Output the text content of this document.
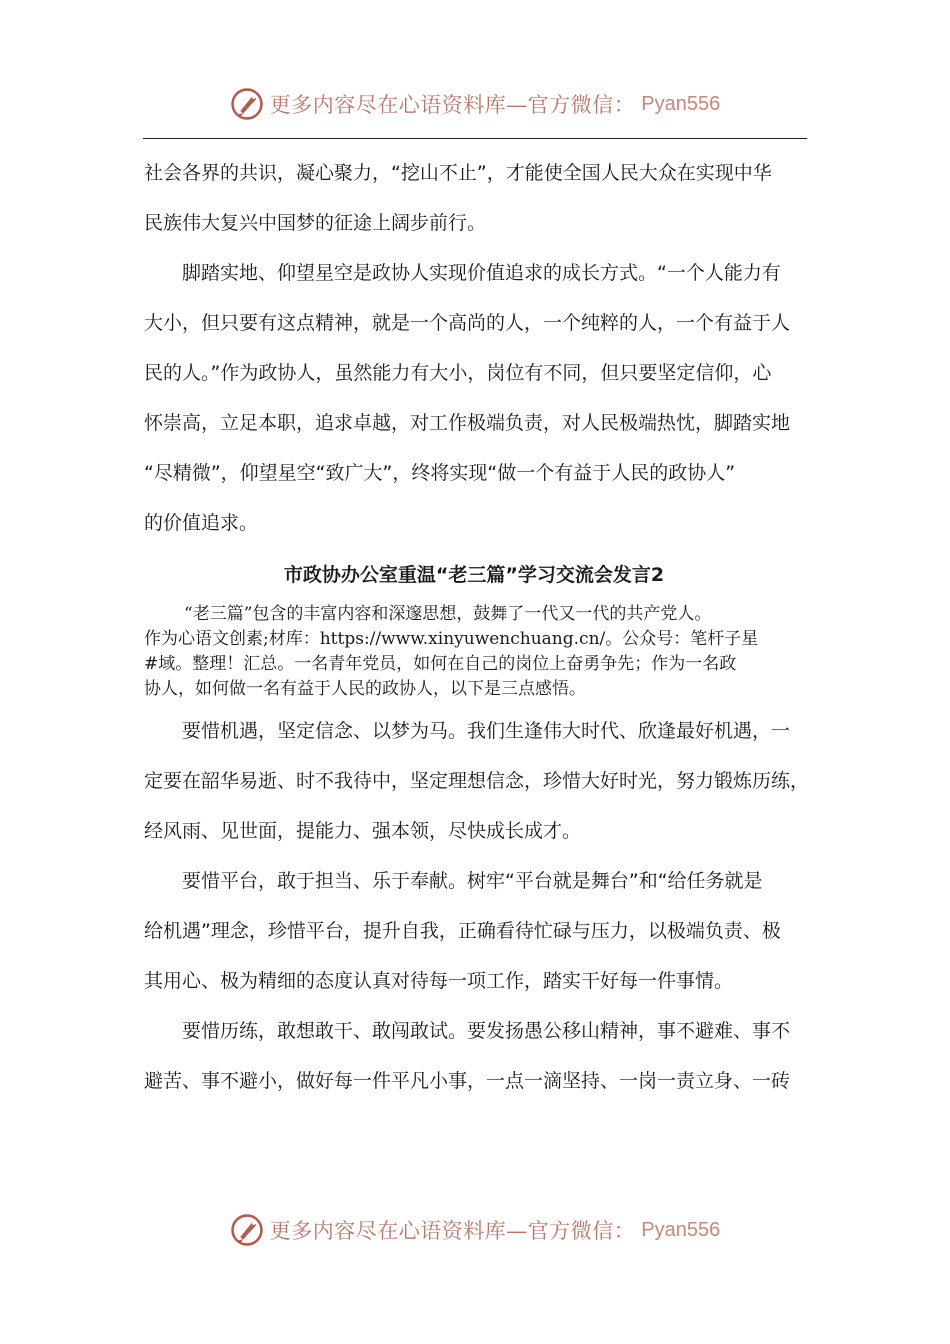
更多内容尽在心语资料库—官方微信： Pyan556
社会各界的共识，凝心聚力，“挖山不止”，才能使全国人民大众在实现中华
民族伟大复兴中国梦的征途上阔步前行。
脚踏实地、仰望星空是政协人实现价值追求的成长方式。“一个人能力有
大小，但只要有这点精神，就是一个高尚的人，一个纯粹的人，一个有益于人
民的人。”作为政协人，虽然能力有大小，岗位有不同，但只要坚定信仰，心
怀崇高，立足本职，追求卓越，对工作极端负责，对人民极端热忱，脚踏实地
“尽精微”，仰望星空“致广大”，终将实现“做一个有益于人民的政协人”
的价值追求。
市政协办公室重温“老三篇”学习交流会发言2
“老三篇”包含的丰富内容和深邃思想，鼓舞了一代又一代的共产党人。
作为心语文创素;材库：https://www.xinyuwenchuang.cn/。公众号：笔杆子星
#域。整理！汇总。一名青年党员，如何在自己的岗位上奋勇争先；作为一名政
协人，如何做一名有益于人民的政协人，以下是三点感悟。
要惜机遇，坚定信念、以梦为马。我们生逢伟大时代、欣逢最好机遇，一
定要在韶华易逝、时不我待中，坚定理想信念，珍惜大好时光，努力锻炼历练，
经风雨、见世面，提能力、强本领，尽快成长成才。
要惜平台，敢于担当、乐于奉献。树牢“平台就是舞台”和“给任务就是
给机遇”理念，珍惜平台，提升自我，正确看待忙碌与压力，以极端负责、极
其用心、极为精细的态度认真对待每一项工作，踏实干好每一件事情。
要惜历练，敢想敢干、敢闯敢试。要发扬愚公移山精神，事不避难、事不
避苦、事不避小，做好每一件平凡小事，一点一滴坚持、一岗一责立身、一砖
更多内容尽在心语资料库—官方微信： Pyan556
